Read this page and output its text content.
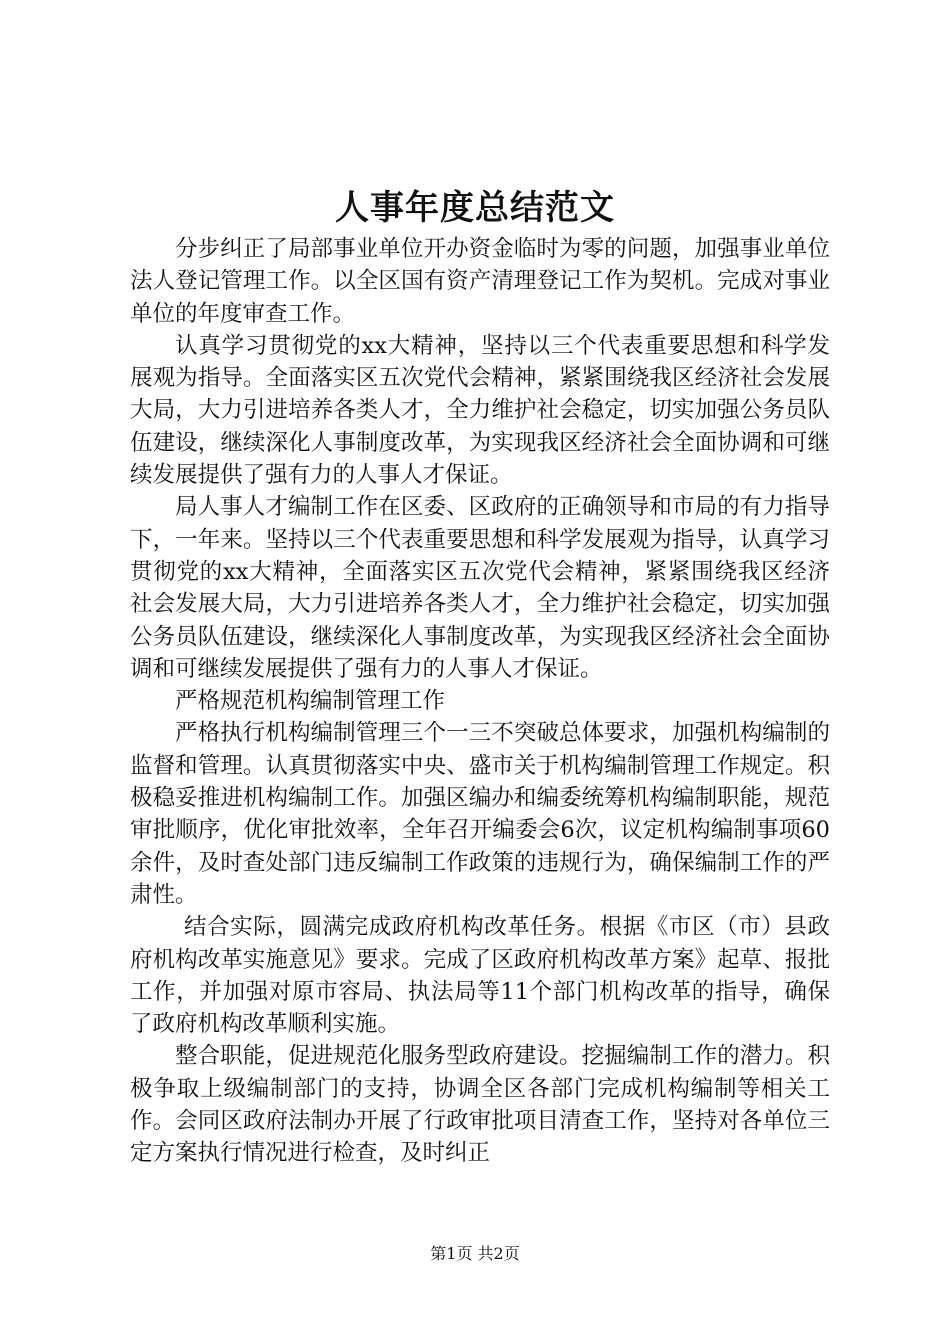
人事年度总结范文

分步纠正了局部事业单位开办资金临时为零的问题，加强事业单位法人登记管理工作。以全区国有资产清理登记工作为契机。完成对事业单位的年度审查工作。

认真学习贯彻党的xx大精神，坚持以三个代表重要思想和科学发展观为指导。全面落实区五次党代会精神，紧紧围绕我区经济社会发展大局，大力引进培养各类人才，全力维护社会稳定，切实加强公务员队伍建设，继续深化人事制度改革，为实现我区经济社会全面协调和可继续发展提供了强有力的人事人才保证。

局人事人才编制工作在区委、区政府的正确领导和市局的有力指导下，一年来。坚持以三个代表重要思想和科学发展观为指导，认真学习贯彻党的xx大精神，全面落实区五次党代会精神，紧紧围绕我区经济社会发展大局，大力引进培养各类人才，全力维护社会稳定，切实加强公务员队伍建设，继续深化人事制度改革，为实现我区经济社会全面协调和可继续发展提供了强有力的人事人才保证。

严格规范机构编制管理工作

严格执行机构编制管理三个一三不突破总体要求，加强机构编制的监督和管理。认真贯彻落实中央、盛市关于机构编制管理工作规定。积极稳妥推进机构编制工作。加强区编办和编委统筹机构编制职能，规范审批顺序，优化审批效率，全年召开编委会6次，议定机构编制事项60余件，及时查处部门违反编制工作政策的违规行为，确保编制工作的严肃性。

结合实际，圆满完成政府机构改革任务。根据《市区（市）县政府机构改革实施意见》要求。完成了区政府机构改革方案》起草、报批工作，并加强对原市容局、执法局等11个部门机构改革的指导，确保了政府机构改革顺利实施。

整合职能，促进规范化服务型政府建设。挖掘编制工作的潜力。积极争取上级编制部门的支持，协调全区各部门完成机构编制等相关工作。会同区政府法制办开展了行政审批项目清查工作，坚持对各单位三定方案执行情况进行检查，及时纠正

第1页 共2页
